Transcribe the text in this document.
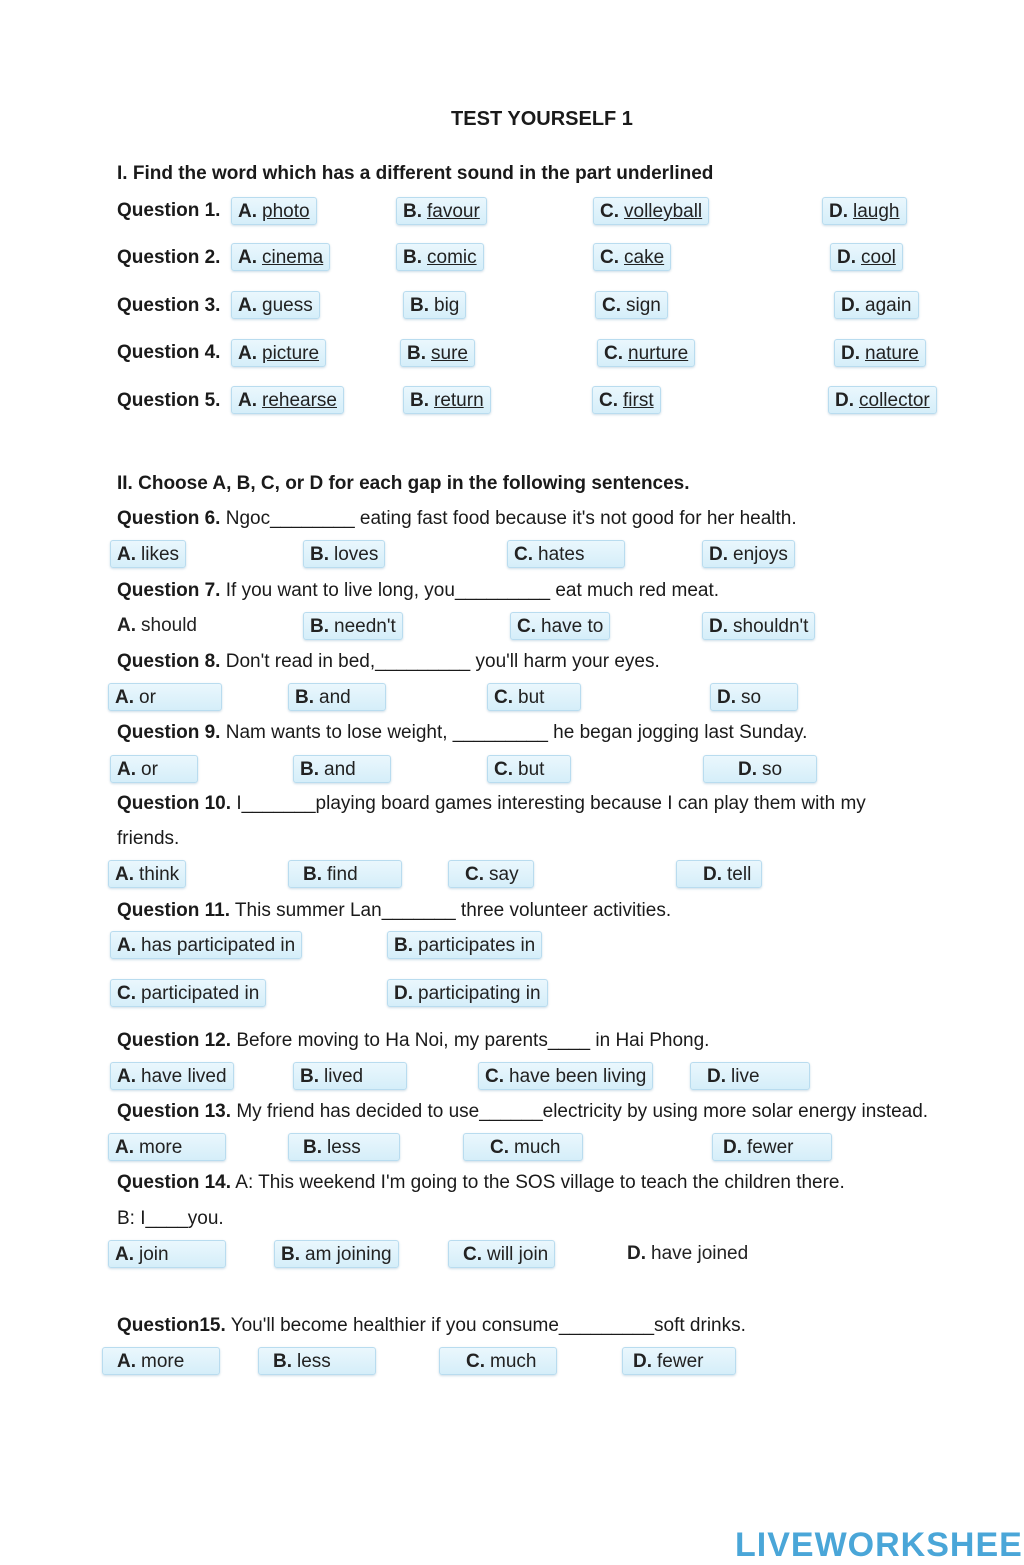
TEST YOURSELF 1
I. Find the word which has a different sound in the part underlined
Question 1. A. photo	B. favour	C. volleyball	D. laugh
Question 2. A. cinema	B. comic	C. cake	D. cool
Question 3. A. guess	B. big	C. sign	D. again
Question 4. A. picture	B. sure	C. nurture	D. nature
Question 5. A. rehearse	B. return	C. first	D. collector
II. Choose A, B, C, or D for each gap in the following sentences.
Question 6. Ngoc________ eating fast food because it's not good for her health.
A. likes	B. loves	C. hates	D. enjoys
Question 7. If you want to live long, you_________ eat much red meat.
A. should	B. needn't	C. have to	D. shouldn't
Question 8. Don't read in bed,_________ you'll harm your eyes.
A. or	B. and	C. but	D. so
Question 9. Nam wants to lose weight, _________ he began jogging last Sunday.
A. or	B. and	C. but	D. so
Question 10. I_______playing board games interesting because I can play them with my
friends.
A. think	B. find	C. say	D. tell
Question 11. This summer Lan_______ three volunteer activities.
A. has participated in	B. participates in
C. participated in	D. participating in
Question 12. Before moving to Ha Noi, my parents____ in Hai Phong.
A. have lived	B. lived	C. have been living	D. live
Question 13. My friend has decided to use______electricity by using more solar energy instead.
A. more	B. less	C. much	D. fewer
Question 14. A: This weekend I'm going to the SOS village to teach the children there.
B: I____you.
A. join	B. am joining	C. will join	D. have joined
Question15. You'll become healthier if you consume_________soft drinks.
A. more	B. less	C. much	D. fewer
LIVEWORKSHEE
